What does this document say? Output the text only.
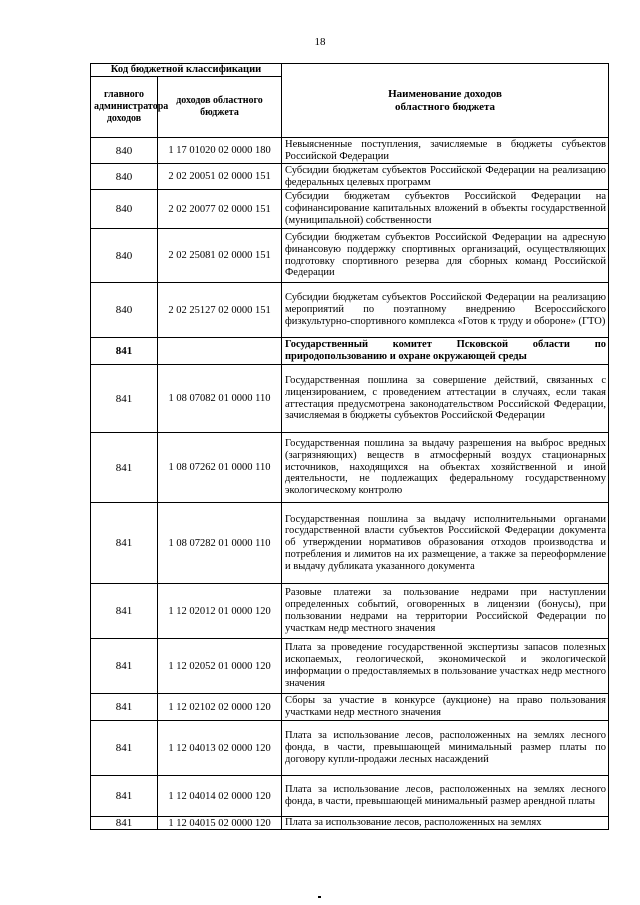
18
Код бюджетной классификации		Наименование доходов областного бюджета
главного администратора доходов	доходов областного бюджета	
840	1 17 01020 02 0000 180	Невыясненные поступления, зачисляемые в бюджеты субъектов Российской Федерации
840	2 02 20051 02 0000 151	Субсидии бюджетам субъектов Российской Федерации на реализацию федеральных целевых программ
840	2 02 20077 02 0000 151	Субсидии бюджетам субъектов Российской Федерации на софинансирование капитальных вложений в объекты государственной (муниципальной) собственности
840	2 02 25081 02 0000 151	Субсидии бюджетам субъектов Российской Федерации на адресную финансовую поддержку спортивных организаций, осуществляющих подготовку спортивного резерва для сборных команд Российской Федерации
840	2 02 25127 02 0000 151	Субсидии бюджетам субъектов Российской Федерации на реализацию мероприятий по поэтапному внедрению Всероссийского физкультурно-спортивного комплекса «Готов к труду и обороне» (ГТО)
841		Государственный комитет Псковской области по природопользованию и охране окружающей среды
841	1 08 07082 01 0000 110	Государственная пошлина за совершение действий, связанных с лицензированием, с проведением аттестации в случаях, если такая аттестация предусмотрена законодательством Российской Федерации, зачисляемая в бюджеты субъектов Российской Федерации
841	1 08 07262 01 0000 110	Государственная пошлина за выдачу разрешения на выброс вредных (загрязняющих) веществ в атмосферный воздух стационарных источников, находящихся на объектах хозяйственной и иной деятельности, не подлежащих федеральному государственному экологическому контролю
841	1 08 07282 01 0000 110	Государственная пошлина за выдачу исполнительными органами государственной власти субъектов Российской Федерации документа об утверждении нормативов образования отходов производства и потребления и лимитов на их размещение, а также за переоформление и выдачу дубликата указанного документа
841	1 12 02012 01 0000 120	Разовые платежи за пользование недрами при наступлении определенных событий, оговоренных в лицензии (бонусы), при пользовании недрами на территории Российской Федерации по участкам недр местного значения
841	1 12 02052 01 0000 120	Плата за проведение государственной экспертизы запасов полезных ископаемых, геологической, экономической и экологической информации о предоставляемых в пользование участках недр местного значения
841	1 12 02102 02 0000 120	Сборы за участие в конкурсе (аукционе) на право пользования участками недр местного значения
841	1 12 04013 02 0000 120	Плата за использование лесов, расположенных на землях лесного фонда, в части, превышающей минимальный размер платы по договору купли-продажи лесных насаждений
841	1 12 04014 02 0000 120	Плата за использование лесов, расположенных на землях лесного фонда, в части, превышающей минимальный размер арендной платы
841	1 12 04015 02 0000 120	Плата за использование лесов, расположенных на землях
